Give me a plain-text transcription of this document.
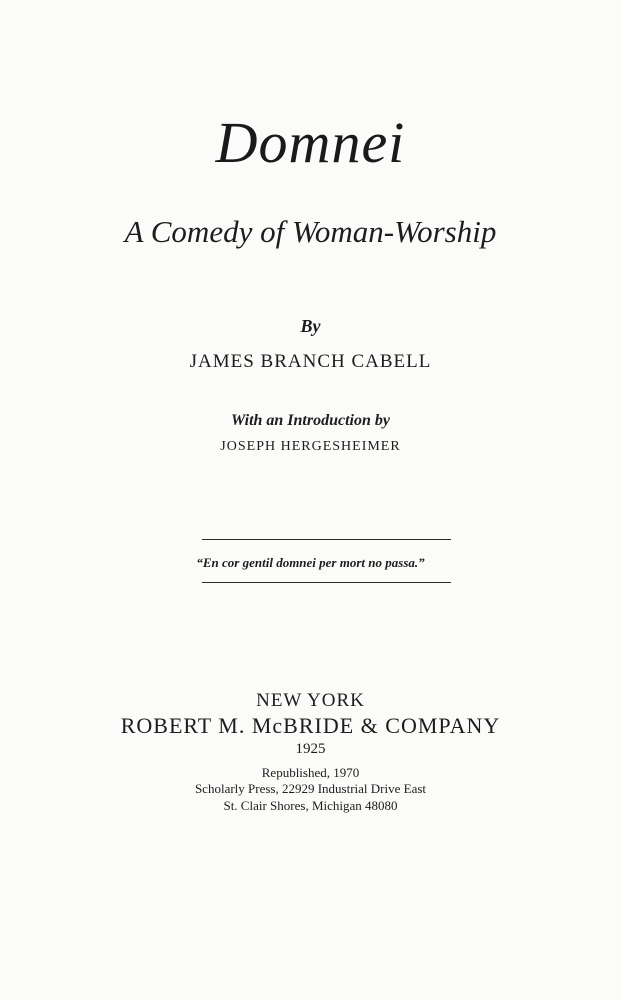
Domnei
A Comedy of Woman-Worship
By
JAMES BRANCH CABELL
With an Introduction by
JOSEPH HERGESHEIMER
“En cor gentil domnei per mort no passa.”
NEW YORK
ROBERT M. McBRIDE & COMPANY
1925
Republished, 1970
Scholarly Press, 22929 Industrial Drive East
St. Clair Shores, Michigan 48080
